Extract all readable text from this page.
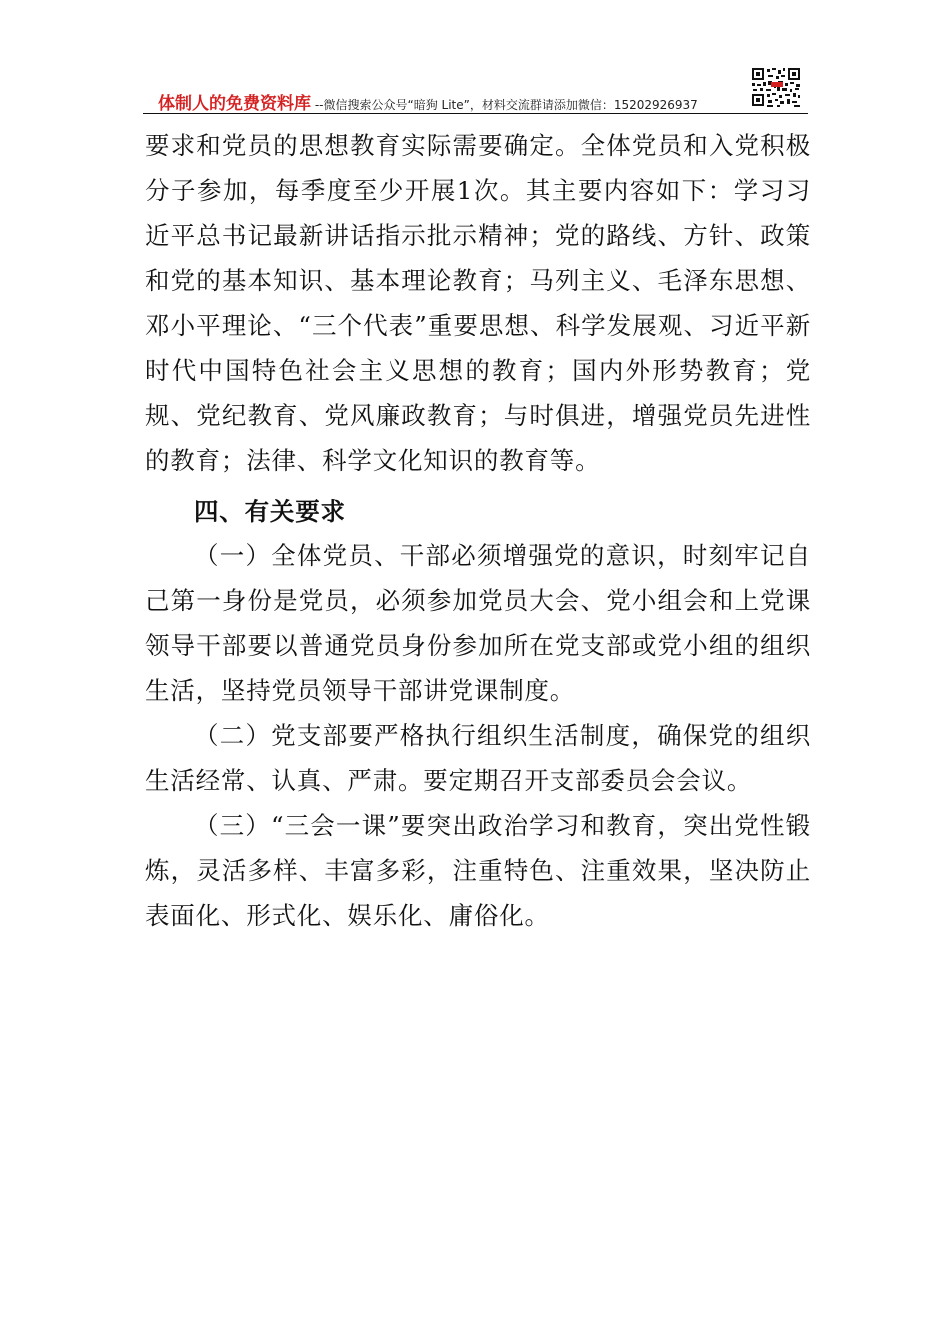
体制人的免费资料库 --微信搜索公众号“暗狗 Lite”，材料交流群请添加微信：15202926937

要求和党员的思想教育实际需要确定。全体党员和入党积极分子参加，每季度至少开展1次。其主要内容如下：学习习近平总书记最新讲话指示批示精神；党的路线、方针、政策和党的基本知识、基本理论教育；马列主义、毛泽东思想、邓小平理论、“三个代表”重要思想、科学发展观、习近平新时代中国特色社会主义思想的教育；国内外形势教育；党规、党纪教育、党风廉政教育；与时俱进，增强党员先进性的教育；法律、科学文化知识的教育等。

四、有关要求

（一）全体党员、干部必须增强党的意识，时刻牢记自己第一身份是党员，必须参加党员大会、党小组会和上党课领导干部要以普通党员身份参加所在党支部或党小组的组织生活，坚持党员领导干部讲党课制度。

（二）党支部要严格执行组织生活制度，确保党的组织生活经常、认真、严肃。要定期召开支部委员会会议。

（三）“三会一课”要突出政治学习和教育，突出党性锻炼，灵活多样、丰富多彩，注重特色、注重效果，坚决防止表面化、形式化、娱乐化、庸俗化。
